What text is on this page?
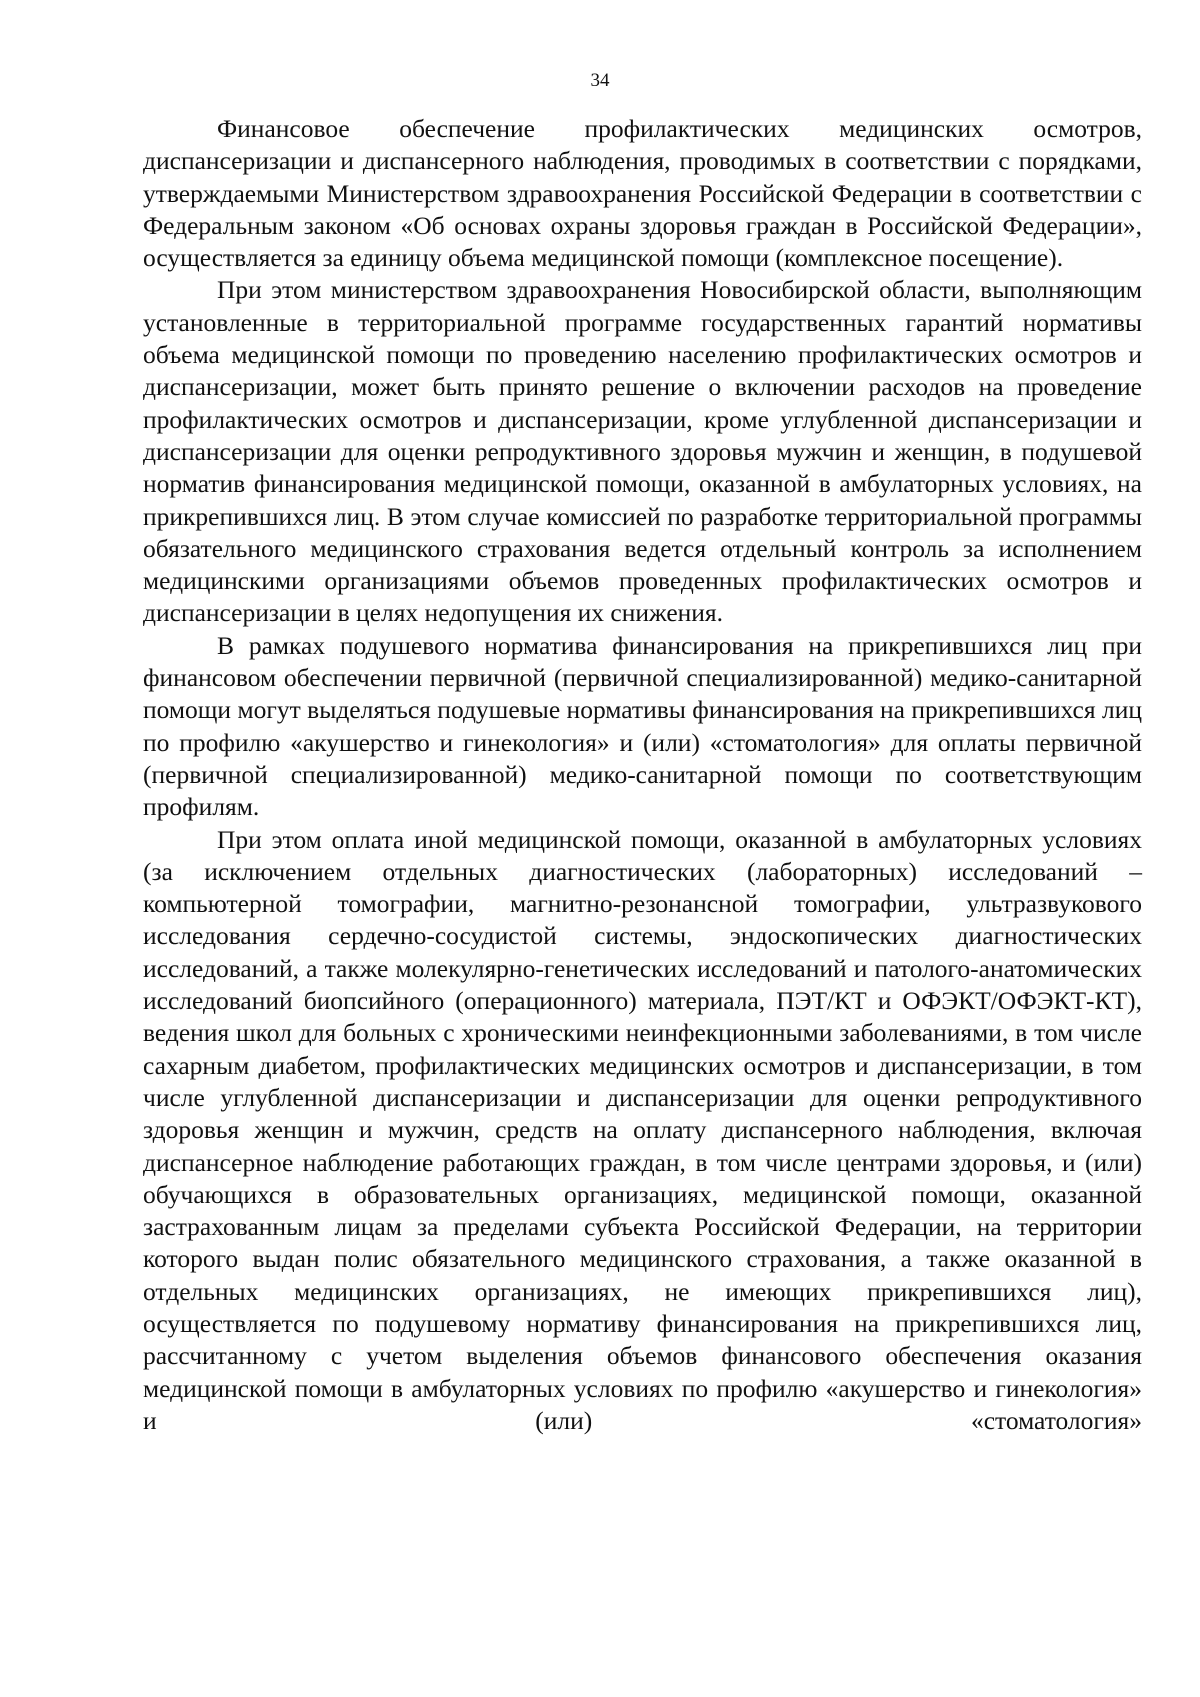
34

Финансовое обеспечение профилактических медицинских осмотров, диспансеризации и диспансерного наблюдения, проводимых в соответствии с порядками, утверждаемыми Министерством здравоохранения Российской Федерации в соответствии с Федеральным законом «Об основах охраны здоровья граждан в Российской Федерации», осуществляется за единицу объема медицинской помощи (комплексное посещение).

При этом министерством здравоохранения Новосибирской области, выполняющим установленные в территориальной программе государственных гарантий нормативы объема медицинской помощи по проведению населению профилактических осмотров и диспансеризации, может быть принято решение о включении расходов на проведение профилактических осмотров и диспансеризации, кроме углубленной диспансеризации и диспансеризации для оценки репродуктивного здоровья мужчин и женщин, в подушевой норматив финансирования медицинской помощи, оказанной в амбулаторных условиях, на прикрепившихся лиц. В этом случае комиссией по разработке территориальной программы обязательного медицинского страхования ведется отдельный контроль за исполнением медицинскими организациями объемов проведенных профилактических осмотров и диспансеризации в целях недопущения их снижения.

В рамках подушевого норматива финансирования на прикрепившихся лиц при финансовом обеспечении первичной (первичной специализированной) медико-санитарной помощи могут выделяться подушевые нормативы финансирования на прикрепившихся лиц по профилю «акушерство и гинекология» и (или) «стоматология» для оплаты первичной (первичной специализированной) медико-санитарной помощи по соответствующим профилям.

При этом оплата иной медицинской помощи, оказанной в амбулаторных условиях (за исключением отдельных диагностических (лабораторных) исследований – компьютерной томографии, магнитно-резонансной томографии, ультразвукового исследования сердечно-сосудистой системы, эндоскопических диагностических исследований, а также молекулярно-генетических исследований и патолого-анатомических исследований биопсийного (операционного) материала, ПЭТ/КТ и ОФЭКТ/ОФЭКТ-КТ), ведения школ для больных с хроническими неинфекционными заболеваниями, в том числе сахарным диабетом, профилактических медицинских осмотров и диспансеризации, в том числе углубленной диспансеризации и диспансеризации для оценки репродуктивного здоровья женщин и мужчин, средств на оплату диспансерного наблюдения, включая диспансерное наблюдение работающих граждан, в том числе центрами здоровья, и (или) обучающихся в образовательных организациях, медицинской помощи, оказанной застрахованным лицам за пределами субъекта Российской Федерации, на территории которого выдан полис обязательного медицинского страхования, а также оказанной в отдельных медицинских организациях, не имеющих прикрепившихся лиц), осуществляется по подушевому нормативу финансирования на прикрепившихся лиц, рассчитанному с учетом выделения объемов финансового обеспечения оказания медицинской помощи в амбулаторных условиях по профилю «акушерство и гинекология» и (или) «стоматология»
